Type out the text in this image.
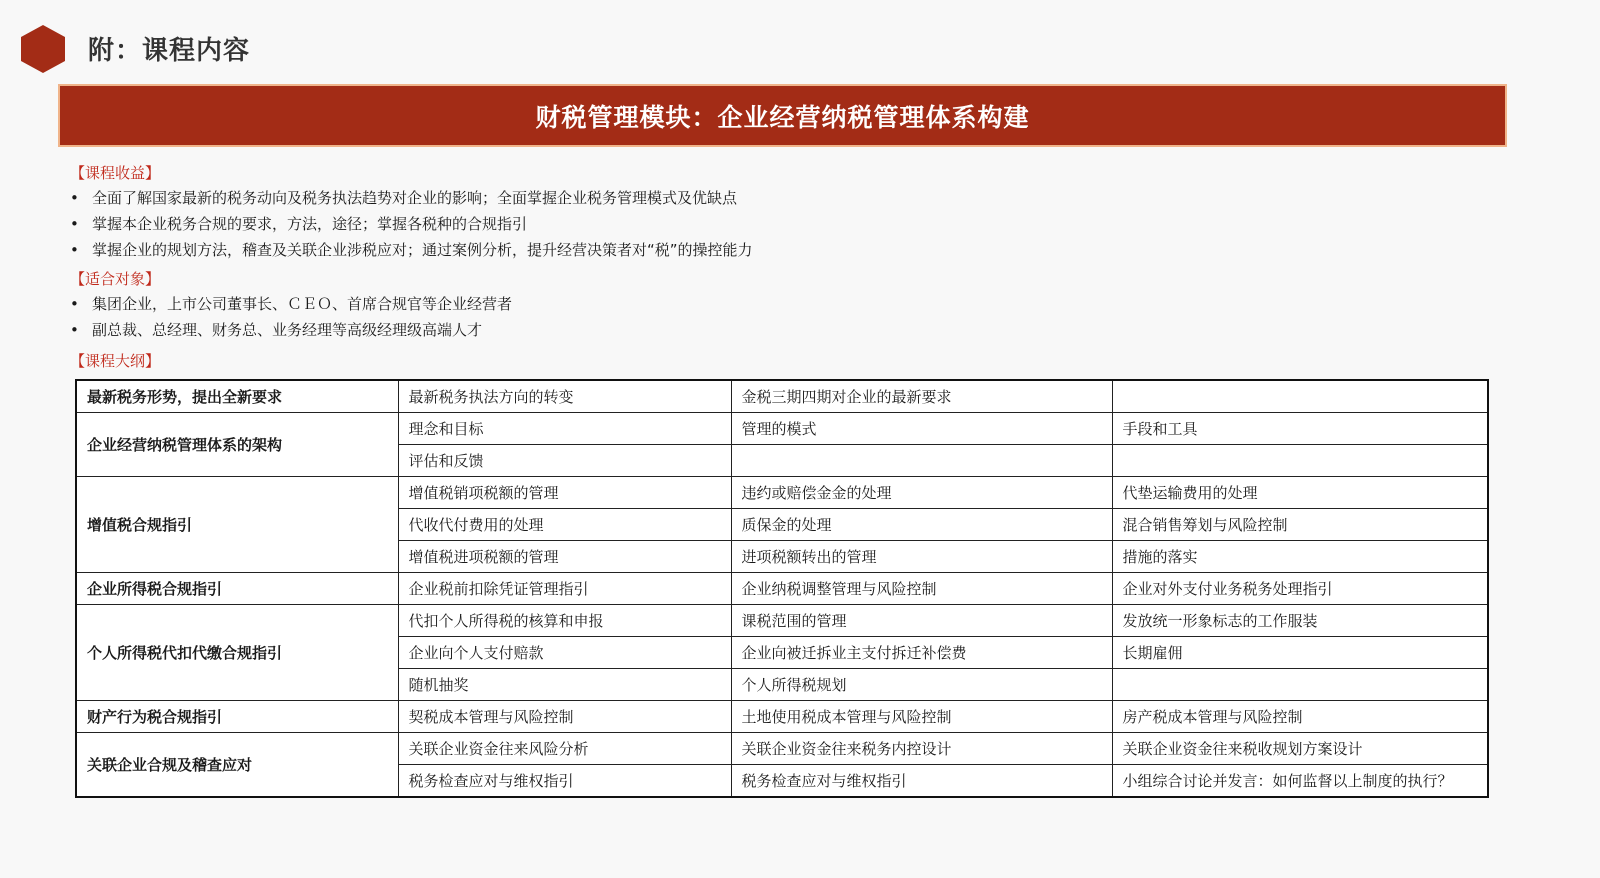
附：课程内容
财税管理模块：企业经营纳税管理体系构建
【课程收益】
• 全面了解国家最新的税务动向及税务执法趋势对企业的影响；全面掌握企业税务管理模式及优缺点
• 掌握本企业税务合规的要求，方法，途径；掌握各税种的合规指引
• 掌握企业的规划方法，稽查及关联企业涉税应对；通过案例分析，提升经营决策者对“税”的操控能力
【适合对象】
• 集团企业，上市公司董事长、ＣＥＯ、首席合规官等企业经营者
• 副总裁、总经理、财务总、业务经理等高级经理级高端人才
【课程大纲】
最新税务形势，提出全新要求	最新税务执法方向的转变	金税三期四期对企业的最新要求	
企业经营纳税管理体系的架构	理念和目标	管理的模式	手段和工具
	评估和反馈		
增值税合规指引	增值税销项税额的管理	违约或赔偿金金的处理	代垫运输费用的处理
	代收代付费用的处理	质保金的处理	混合销售筹划与风险控制
	增值税进项税额的管理	进项税额转出的管理	措施的落实
企业所得税合规指引	企业税前扣除凭证管理指引	企业纳税调整管理与风险控制	企业对外支付业务税务处理指引
个人所得税代扣代缴合规指引	代扣个人所得税的核算和申报	课税范围的管理	发放统一形象标志的工作服装
	企业向个人支付赔款	企业向被迁拆业主支付拆迁补偿费	长期雇佣
	随机抽奖	个人所得税规划	
财产行为税合规指引	契税成本管理与风险控制	土地使用税成本管理与风险控制	房产税成本管理与风险控制
关联企业合规及稽查应对	关联企业资金往来风险分析	关联企业资金往来税务内控设计	关联企业资金往来税收规划方案设计
	税务检查应对与维权指引	税务检查应对与维权指引	小组综合讨论并发言：如何监督以上制度的执行？
